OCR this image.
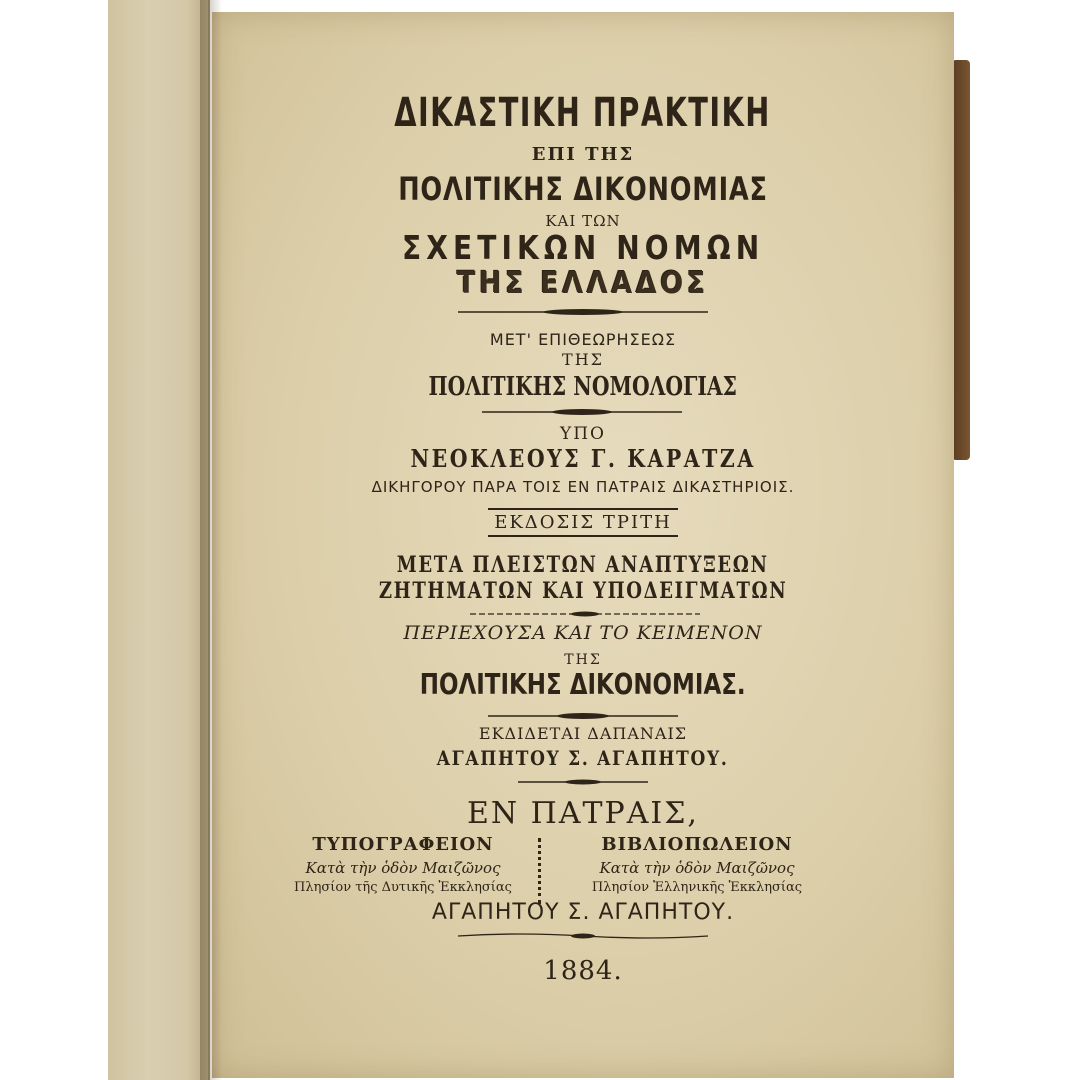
ΔΙΚΑΣΤΙΚΗ ΠΡΑΚΤΙΚΗ
ΕΠΙ ΤΗΣ
ΠΟΛΙΤΙΚΗΣ ΔΙΚΟΝΟΜΙΑΣ
ΚΑΙ ΤΩΝ
ΣΧΕΤΙΚΩΝ ΝΟΜΩΝ
ΤΗΣ ΕΛΛΑΔΟΣ
ΜΕΤ' ΕΠΙΘΕΩΡΗΣΕΩΣ
ΤΗΣ
ΠΟΛΙΤΙΚΗΣ ΝΟΜΟΛΟΓΙΑΣ
ΥΠΟ
ΝΕΟΚΛΕΟΥΣ Γ. ΚΑΡΑΤΖΑ
ΔΙΚΗΓΟΡΟΥ ΠΑΡΑ ΤΟΙΣ ΕΝ ΠΑΤΡΑΙΣ ΔΙΚΑΣΤΗΡΙΟΙΣ.
ΕΚΔΟΣΙΣ ΤΡΙΤΗ
ΜΕΤΑ ΠΛΕΙΣΤΩΝ ΑΝΑΠΤΥΞΕΩΝ
ΖΗΤΗΜΑΤΩΝ ΚΑΙ ΥΠΟΔΕΙΓΜΑΤΩΝ
ΠΕΡΙΕΧΟΥΣΑ ΚΑΙ ΤΟ ΚΕΙΜΕΝΟΝ
ΤΗΣ
ΠΟΛΙΤΙΚΗΣ ΔΙΚΟΝΟΜΙΑΣ.
ΕΚΔΙΔΕΤΑΙ ΔΑΠΑΝΑΙΣ
ΑΓΑΠΗΤΟΥ Σ. ΑΓΑΠΗΤΟΥ.
ΕΝ ΠΑΤΡΑΙΣ,
ΤΥΠΟΓΡΑΦΕΙΟΝ
Κατὰ τὴν ὁδὸν Μαιζῶνος
Πλησίον τῆς Δυτικῆς Ἐκκλησίας
ΒΙΒΛΙΟΠΩΛΕΙΟΝ
Κατὰ τὴν ὁδὸν Μαιζῶνος
Πλησίον Ἑλληνικῆς Ἐκκλησίας
ΑΓΑΠΗΤΟΥ Σ. ΑΓΑΠΗΤΟΥ.
1884.
